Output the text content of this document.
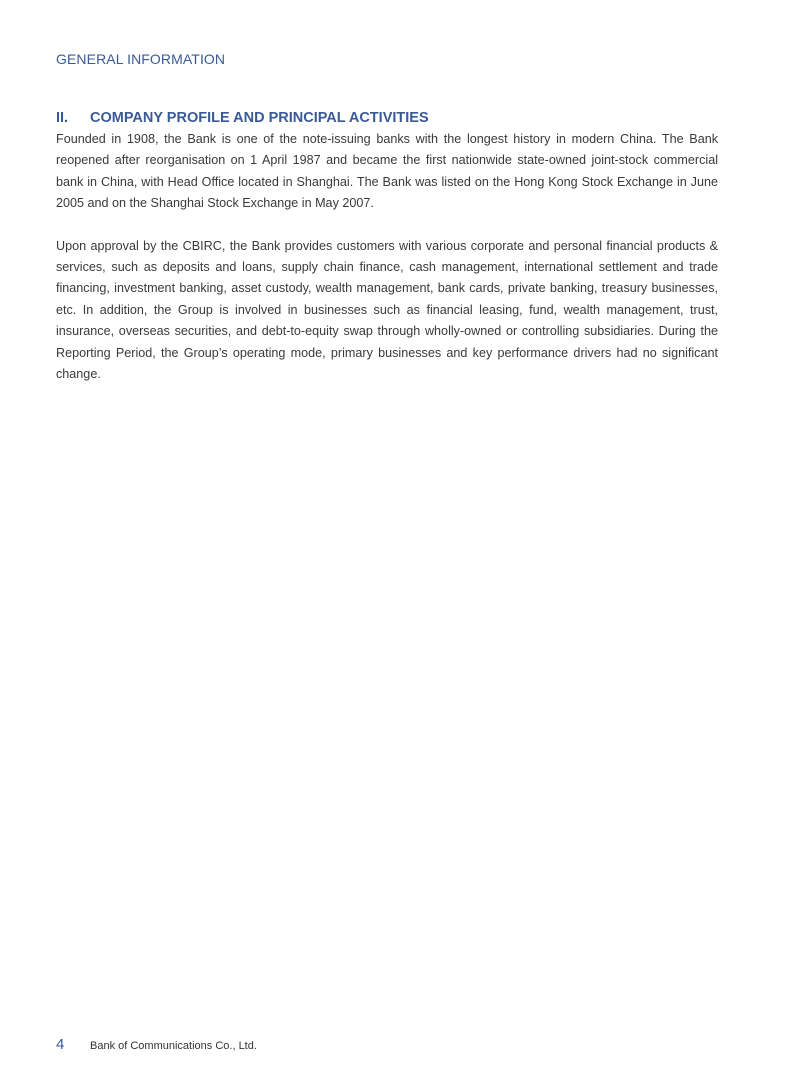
GENERAL INFORMATION
II.	COMPANY PROFILE AND PRINCIPAL ACTIVITIES

Founded in 1908, the Bank is one of the note-issuing banks with the longest history in modern China. The Bank reopened after reorganisation on 1 April 1987 and became the first nationwide state-owned joint-stock commercial bank in China, with Head Office located in Shanghai. The Bank was listed on the Hong Kong Stock Exchange in June 2005 and on the Shanghai Stock Exchange in May 2007.

Upon approval by the CBIRC, the Bank provides customers with various corporate and personal financial products & services, such as deposits and loans, supply chain finance, cash management, international settlement and trade financing, investment banking, asset custody, wealth management, bank cards, private banking, treasury businesses, etc. In addition, the Group is involved in businesses such as financial leasing, fund, wealth management, trust, insurance, overseas securities, and debt-to-equity swap through wholly-owned or controlling subsidiaries. During the Reporting Period, the Group’s operating mode, primary businesses and key performance drivers had no significant change.

4	Bank of Communications Co., Ltd.
